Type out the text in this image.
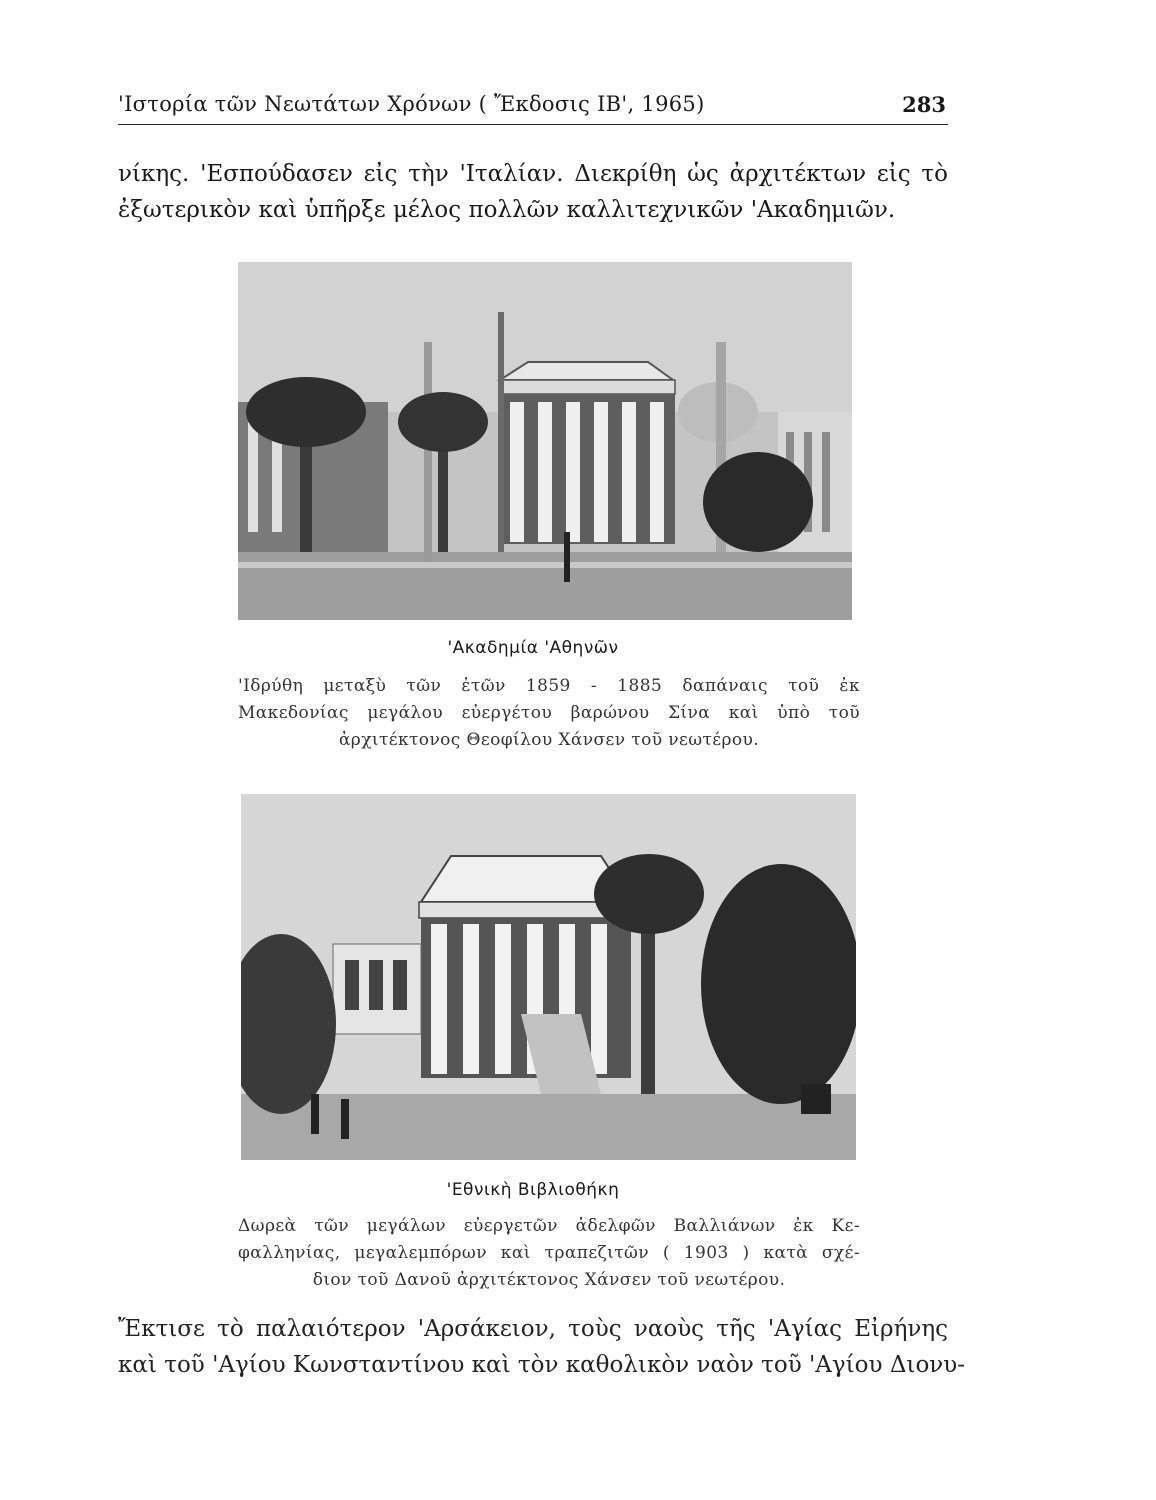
'Ιστορία τῶν Νεωτάτων Χρόνων ( Ἔκδοσις ΙΒ', 1965)	283
νίκης. 'Εσπούδασεν εἰς τὴν 'Ιταλίαν. Διεκρίθη ὡς ἀρχιτέκτων εἰς τὸ
ἐξωτερικὸν καὶ ὑπῆρξε μέλος πολλῶν καλλιτεχνικῶν 'Ακαδημιῶν.
'Ακαδημία 'Αθηνῶν
'Ιδρύθη μεταξὺ τῶν ἐτῶν 1859 - 1885 δαπάναις τοῦ ἐκ
Μακεδονίας μεγάλου εὐεργέτου βαρώνου Σίνα καὶ ὑπὸ τοῦ
ἀρχιτέκτονος Θεοφίλου Χάνσεν τοῦ νεωτέρου.
'Εθνικὴ Βιβλιοθήκη
Δωρεὰ τῶν μεγάλων εὐεργετῶν ἀδελφῶν Βαλλιάνων ἐκ Κε-
φαλληνίας, μεγαλεμπόρων καὶ τραπεζιτῶν ( 1903 ) κατὰ σχέ-
διον τοῦ Δανοῦ ἀρχιτέκτονος Χάνσεν τοῦ νεωτέρου.
Ἔκτισε τὸ παλαιότερον 'Αρσάκειον, τοὺς ναοὺς τῆς 'Αγίας Εἰρήνης
καὶ τοῦ 'Αγίου Κωνσταντίνου καὶ τὸν καθολικὸν ναὸν τοῦ 'Αγίου Διονυ-
